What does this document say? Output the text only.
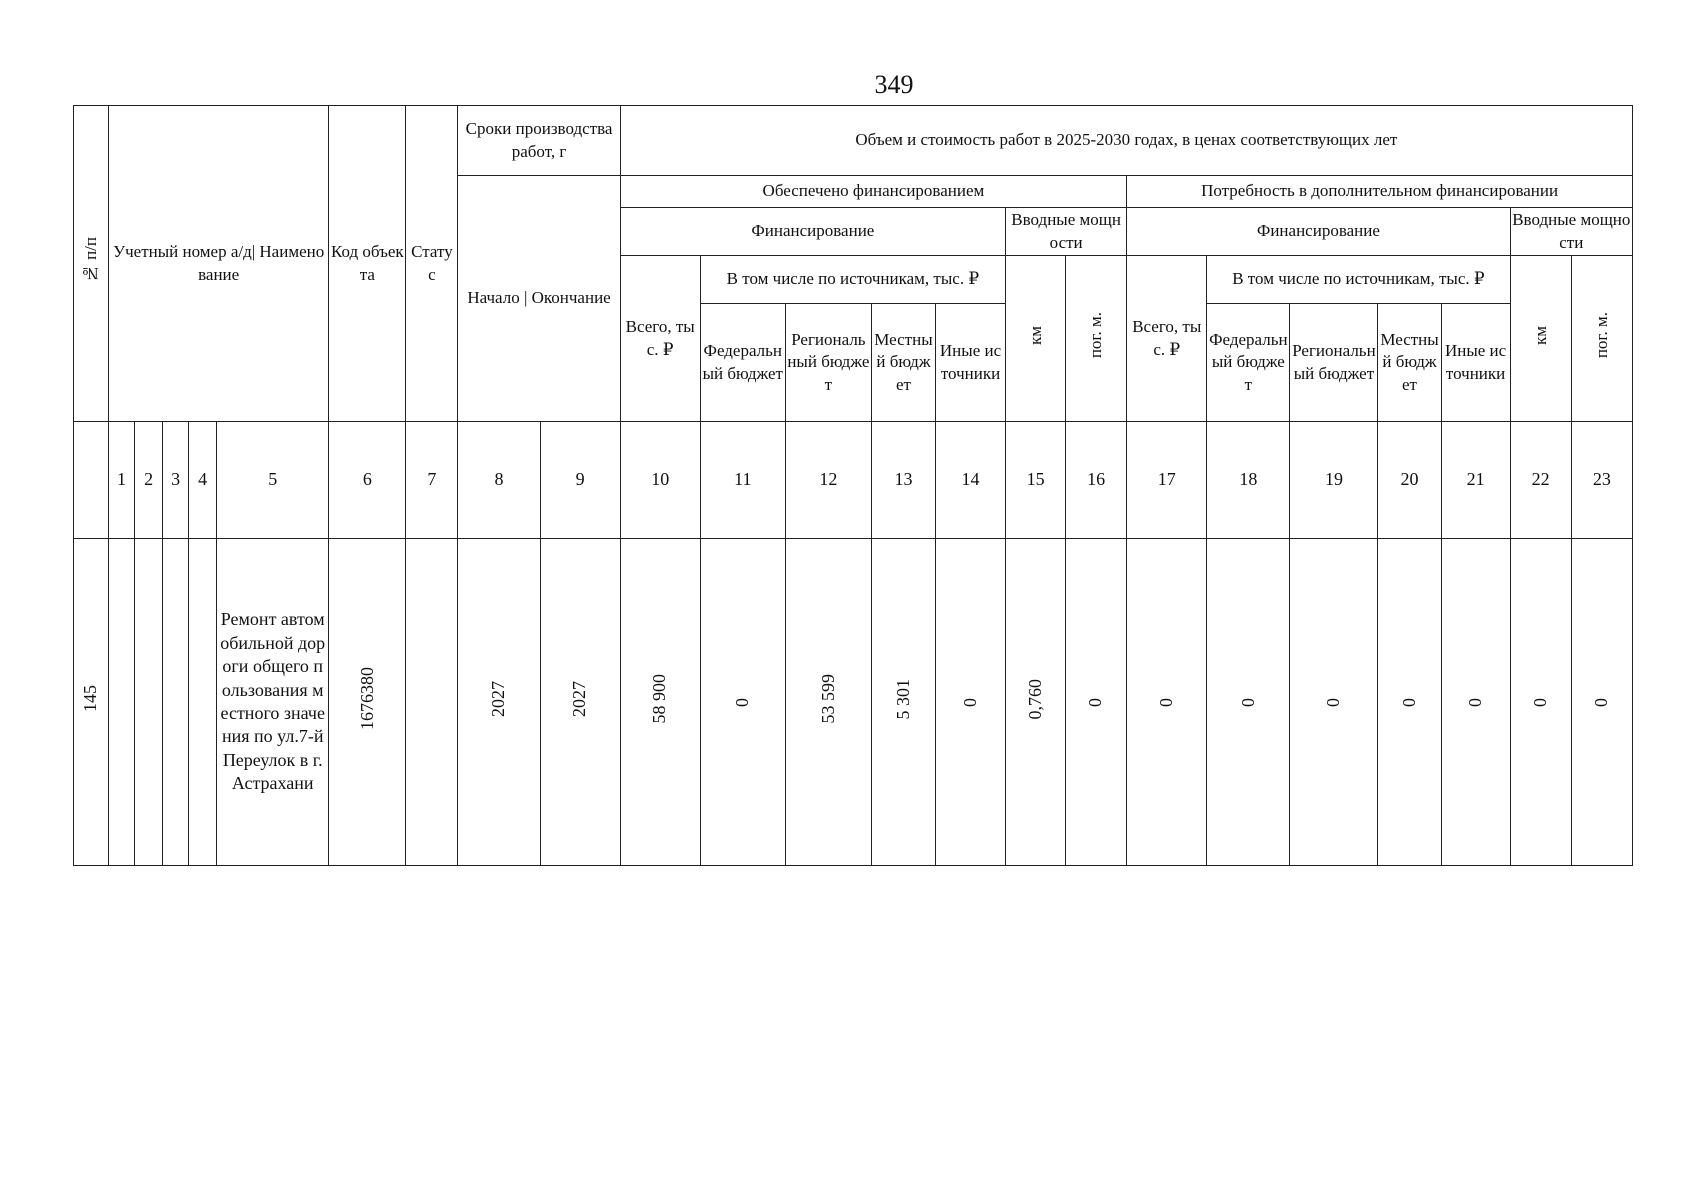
349
№ п/п	Учетный номер а/д| Наименование					Код объекта	Статус	Сроки производства работ, г		Объем и стоимость работ в 2025-2030 годах, в ценах соответствующих лет													
								Начало | Окончание		Обеспечено финансированием							Потребность в дополнительном финансировании						
										Финансирование					Вводные мощности		Финансирование					Вводные мощности	
										Всего, тыс. ₽	В том числе по источникам, тыс. ₽				км	пог. м.	Всего, тыс. ₽	В том числе по источникам, тыс. ₽				км	пог. м.
											Федеральный бюджет	Региональный бюджет	Местный бюджет	Иные источники				Федеральный бюджет	Региональный бюджет	Местный бюджет	Иные источники		
	1	2	3	4	5	6	7	8	9	10	11	12	13	14	15	16	17	18	19	20	21	22	23
145					Ремонт автомобильной дороги общего пользования местного значения по ул.7-й Переулок в г. Астрахани	1676380		2027	2027	58 900	0	53 599	5 301	0	0,760	0	0	0	0	0	0	0	0
